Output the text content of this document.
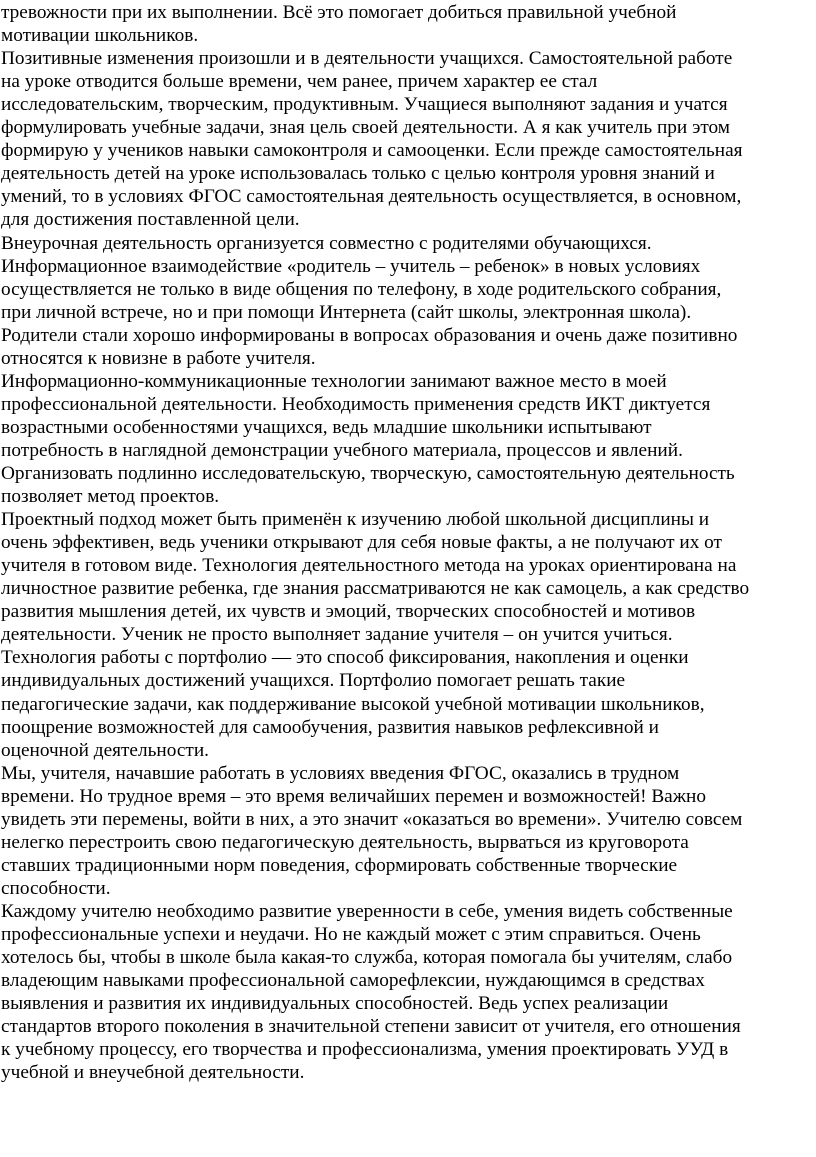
тревожности при их выполнении. Всё это помогает добиться правильной учебной
мотивации школьников.
Позитивные изменения произошли и в деятельности учащихся. Самостоятельной работе
на уроке отводится больше времени, чем ранее, причем характер ее стал
исследовательским, творческим, продуктивным. Учащиеся выполняют задания и учатся
формулировать учебные задачи, зная цель своей деятельности. А я как учитель при этом
формирую у учеников навыки самоконтроля и самооценки. Если прежде самостоятельная
деятельность детей на уроке использовалась только с целью контроля уровня знаний и
умений, то в условиях ФГОС самостоятельная деятельность осуществляется, в основном,
для достижения поставленной цели.
Внеурочная деятельность организуется совместно с родителями обучающихся.
Информационное взаимодействие «родитель – учитель – ребенок» в новых условиях
осуществляется не только в виде общения по телефону, в ходе родительского собрания,
при личной встрече, но и при помощи Интернета (сайт школы, электронная школа).
Родители стали хорошо информированы в вопросах образования и очень даже позитивно
относятся к новизне в работе учителя.
Информационно-коммуникационные технологии занимают важное место в моей
профессиональной деятельности. Необходимость применения средств ИКТ диктуется
возрастными особенностями учащихся, ведь младшие школьники испытывают
потребность в наглядной демонстрации учебного материала, процессов и явлений.
Организовать подлинно исследовательскую, творческую, самостоятельную деятельность
позволяет метод проектов.
Проектный подход может быть применён к изучению любой школьной дисциплины и
очень эффективен, ведь ученики открывают для себя новые факты, а не получают их от
учителя в готовом виде. Технология деятельностного метода на уроках ориентирована на
личностное развитие ребенка, где знания рассматриваются не как самоцель, а как средство
развития мышления детей, их чувств и эмоций, творческих способностей и мотивов
деятельности. Ученик не просто выполняет задание учителя – он учится учиться.
Технология работы с портфолио — это способ фиксирования, накопления и оценки
индивидуальных достижений учащихся. Портфолио помогает решать такие
педагогические задачи, как поддерживание высокой учебной мотивации школьников,
поощрение возможностей для самообучения, развития навыков рефлексивной и
оценочной деятельности.
Мы, учителя, начавшие работать в условиях введения ФГОС, оказались в трудном
времени. Но трудное время – это время величайших перемен и возможностей! Важно
увидеть эти перемены, войти в них, а это значит «оказаться во времени». Учителю совсем
нелегко перестроить свою педагогическую деятельность, вырваться из круговорота
ставших традиционными норм поведения, сформировать собственные творческие
способности.
Каждому учителю необходимо развитие уверенности в себе, умения видеть собственные
профессиональные успехи и неудачи. Но не каждый может с этим справиться. Очень
хотелось бы, чтобы в школе была какая-то служба, которая помогала бы учителям, слабо
владеющим навыками профессиональной саморефлексии, нуждающимся в средствах
выявления и развития их индивидуальных способностей. Ведь успех реализации
стандартов второго поколения в значительной степени зависит от учителя, его отношения
к учебному процессу, его творчества и профессионализма, умения проектировать УУД в
учебной и внеучебной деятельности.
